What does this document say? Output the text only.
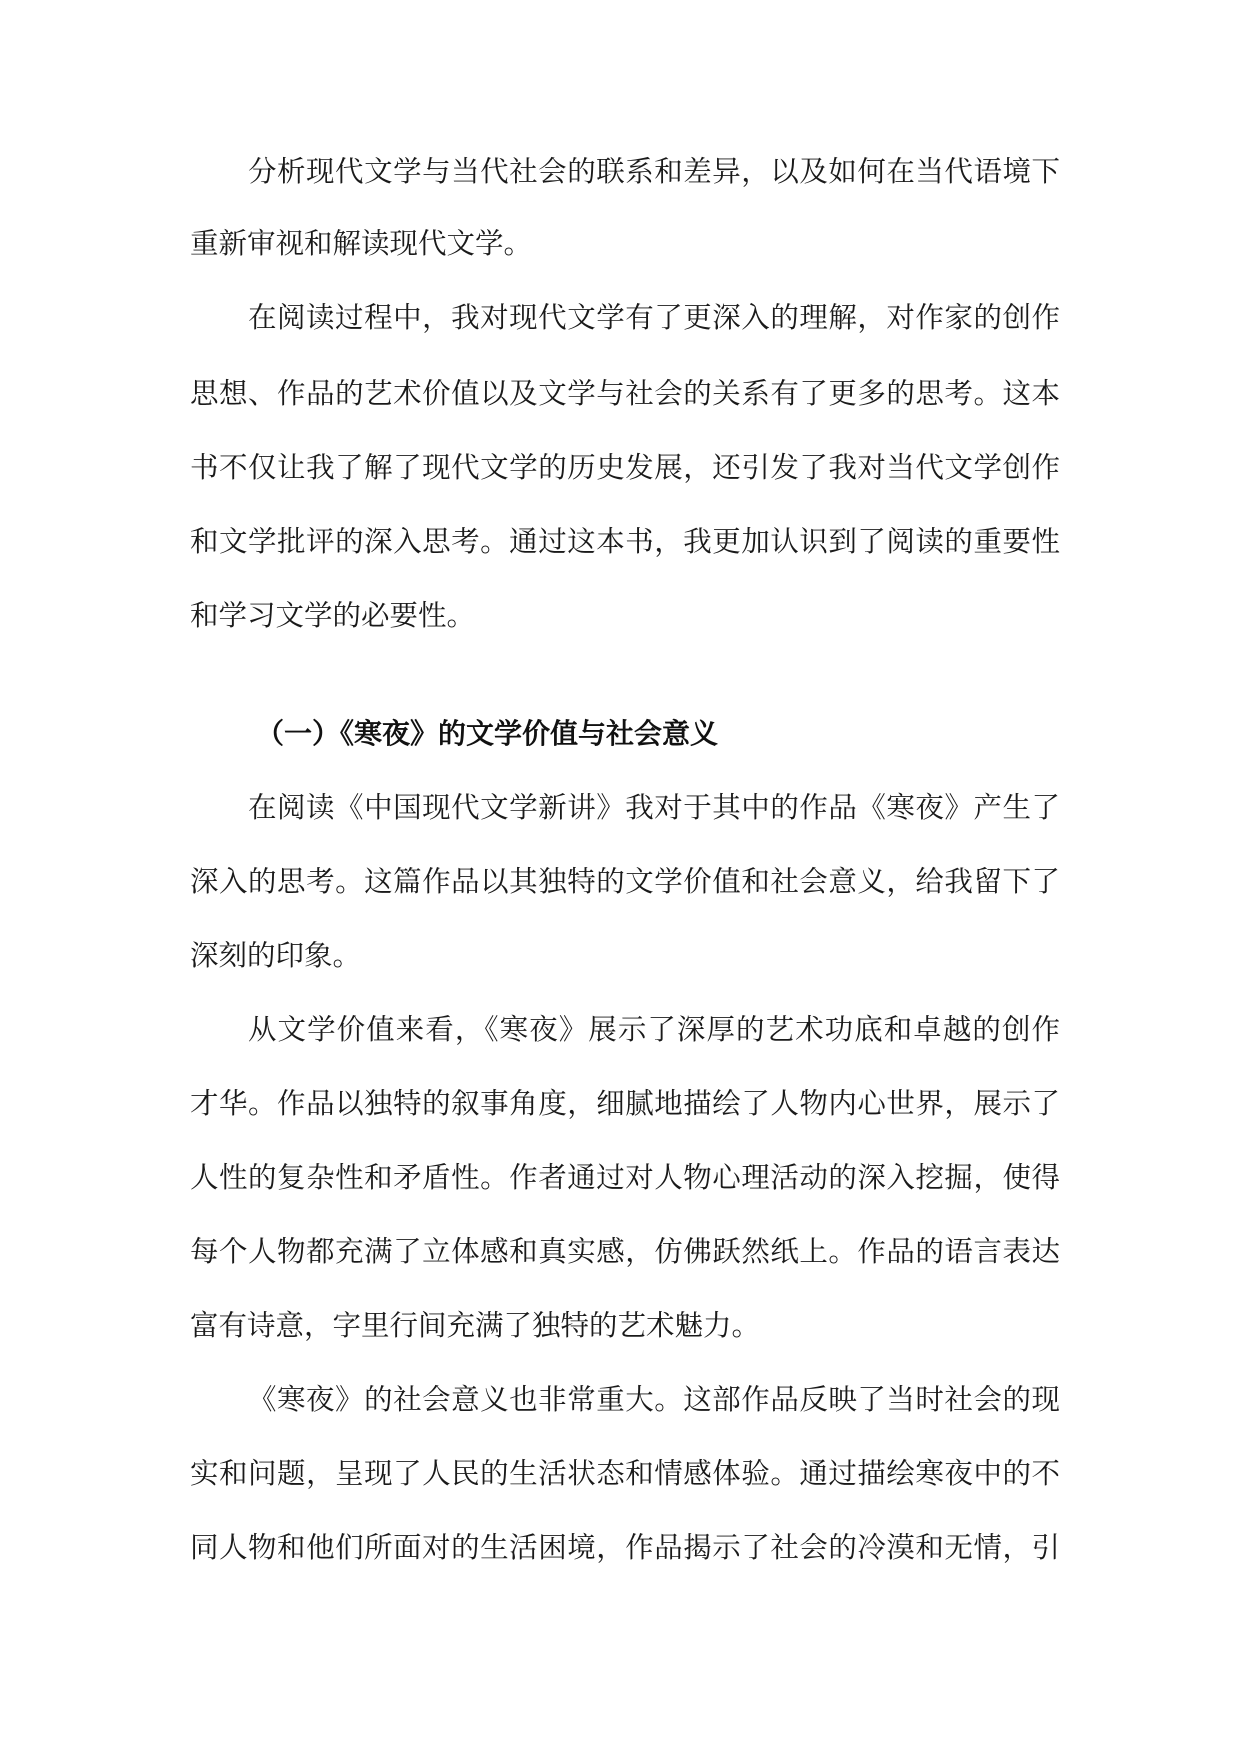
分析现代文学与当代社会的联系和差异，以及如何在当代语境下
重新审视和解读现代文学。
在阅读过程中，我对现代文学有了更深入的理解，对作家的创作
思想、作品的艺术价值以及文学与社会的关系有了更多的思考。这本
书不仅让我了解了现代文学的历史发展，还引发了我对当代文学创作
和文学批评的深入思考。通过这本书，我更加认识到了阅读的重要性
和学习文学的必要性。
（一）《寒夜》的文学价值与社会意义
在阅读《中国现代文学新讲》我对于其中的作品《寒夜》产生了
深入的思考。这篇作品以其独特的文学价值和社会意义，给我留下了
深刻的印象。
从文学价值来看，《寒夜》展示了深厚的艺术功底和卓越的创作
才华。作品以独特的叙事角度，细腻地描绘了人物内心世界，展示了
人性的复杂性和矛盾性。作者通过对人物心理活动的深入挖掘，使得
每个人物都充满了立体感和真实感，仿佛跃然纸上。作品的语言表达
富有诗意，字里行间充满了独特的艺术魅力。
《寒夜》的社会意义也非常重大。这部作品反映了当时社会的现
实和问题，呈现了人民的生活状态和情感体验。通过描绘寒夜中的不
同人物和他们所面对的生活困境，作品揭示了社会的冷漠和无情，引
